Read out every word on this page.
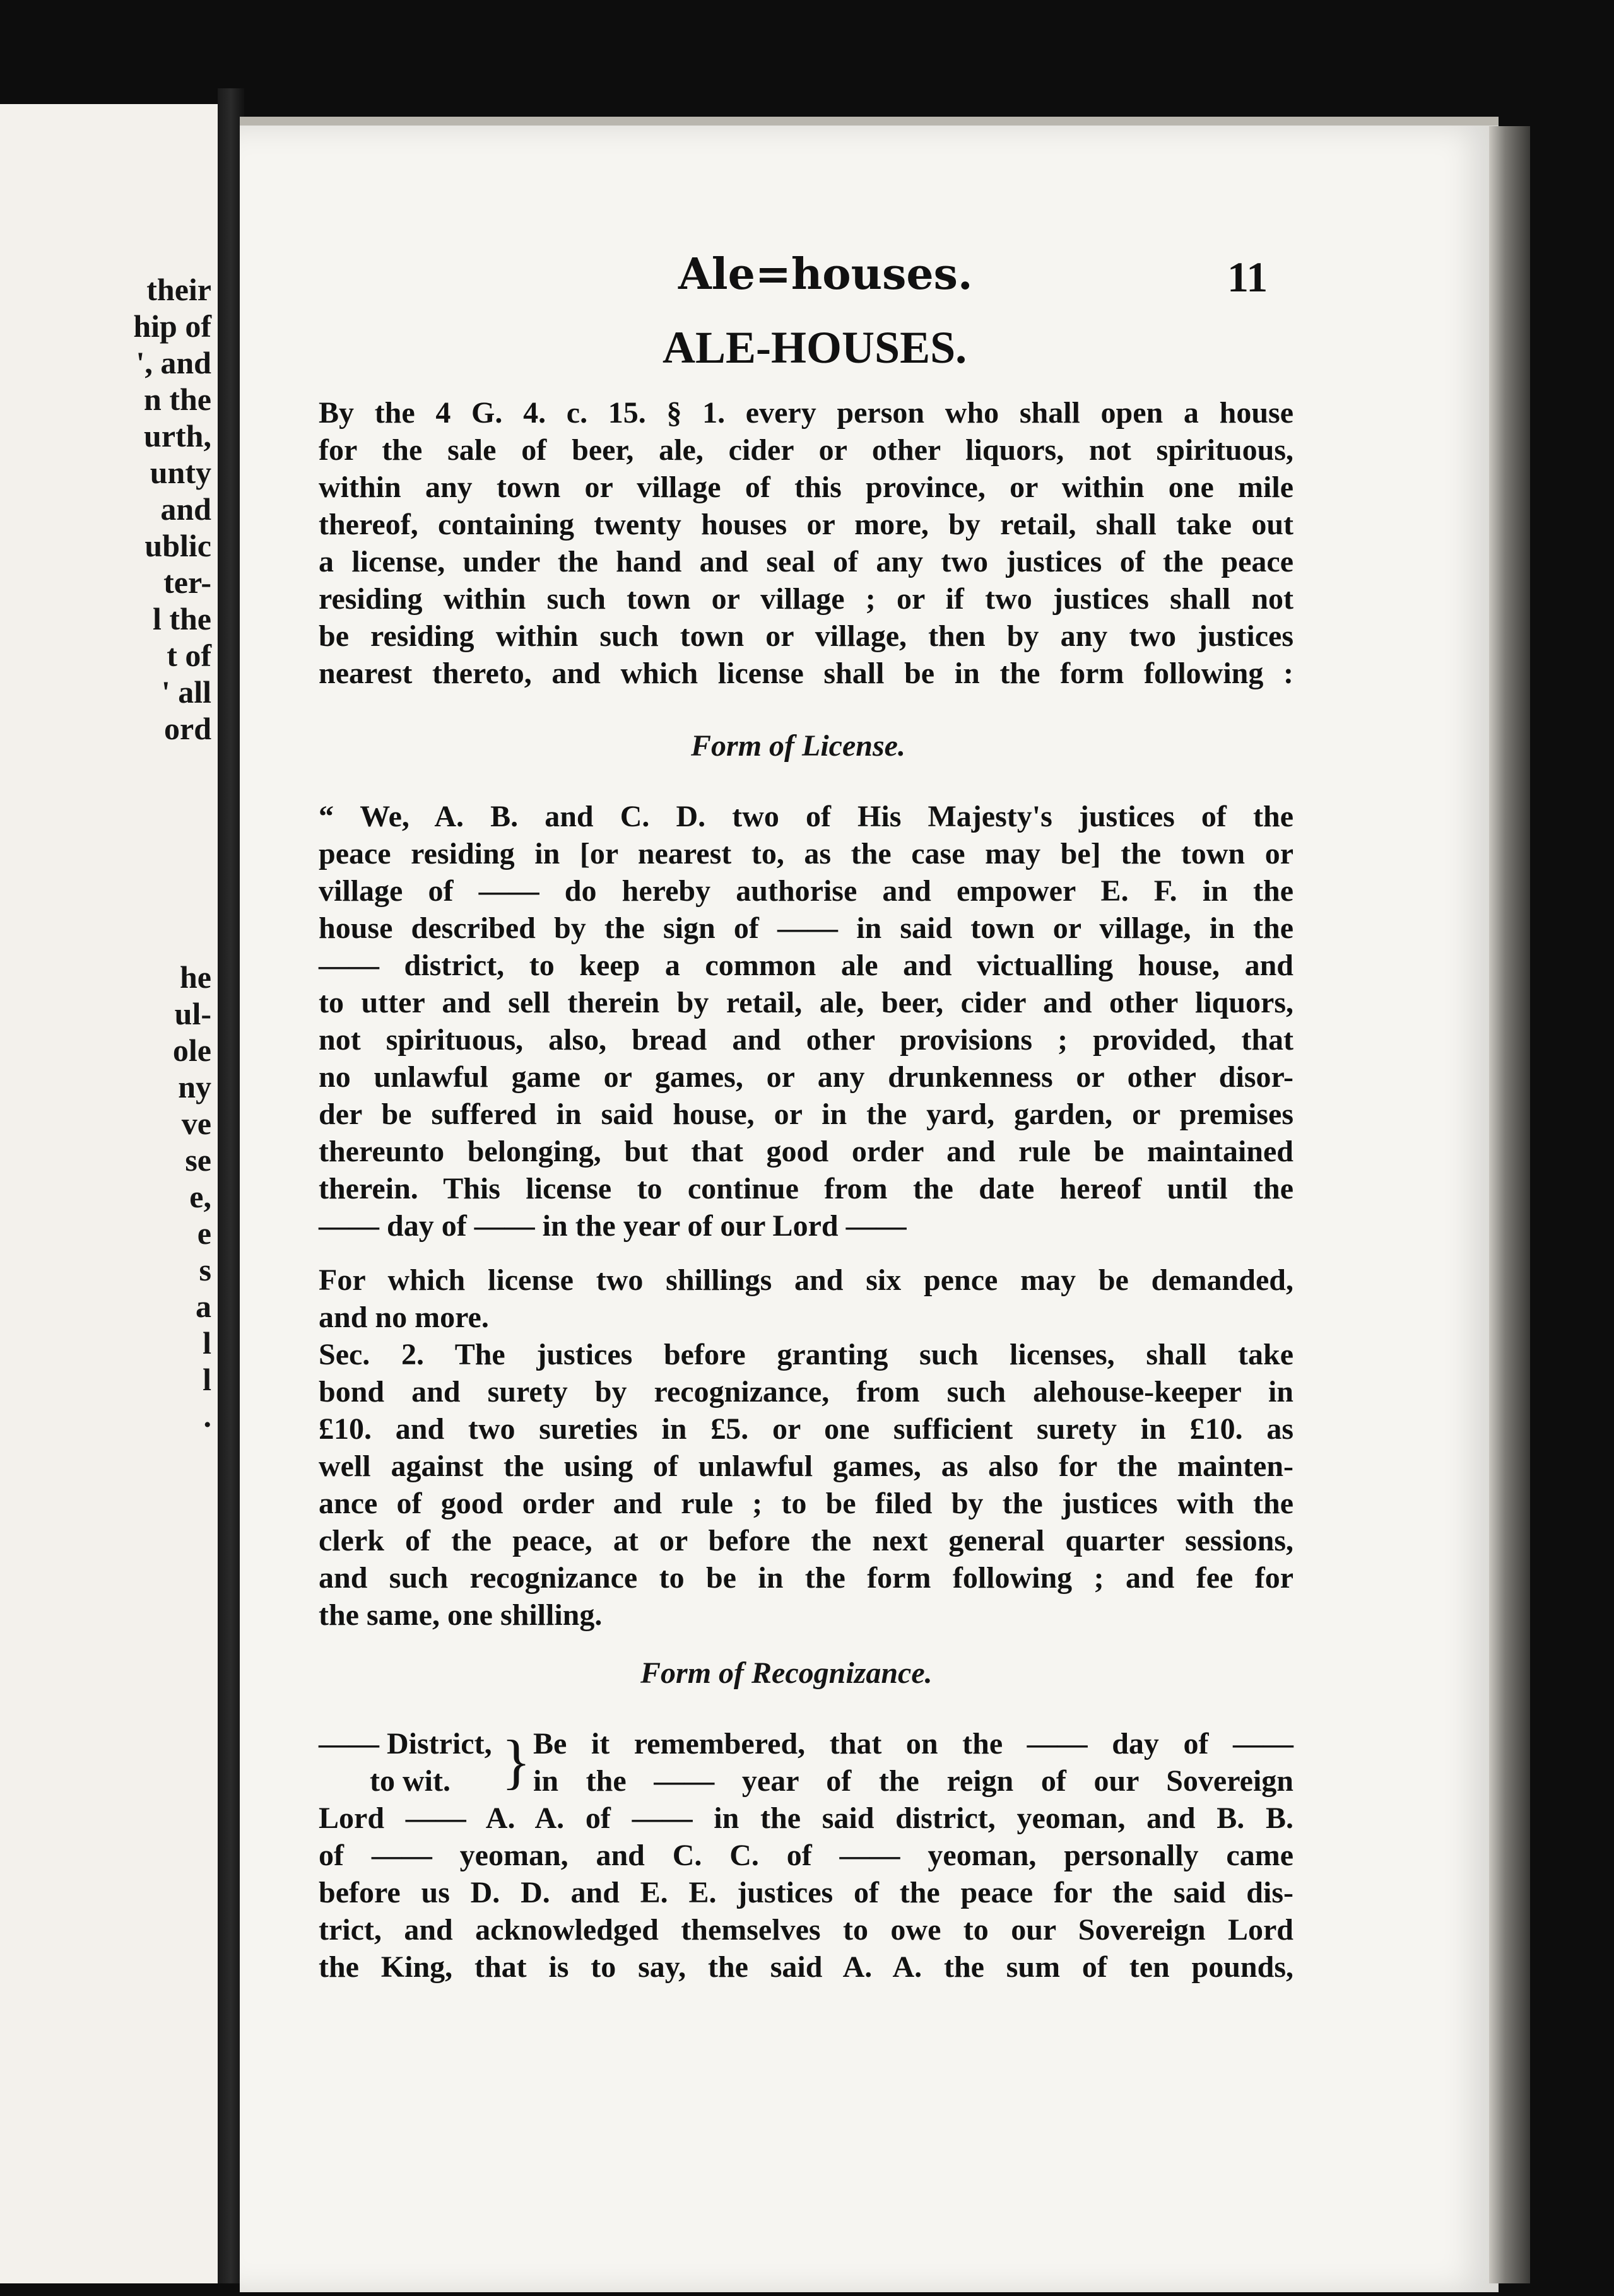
their
hip of
', and
n the
urth,
unty
and
ublic
ter-
l the
t of
' all
ord
he
ul-
ole
ny
ve
se
e,
e
s
a
l
l
.
Ale=houses.	11
ALE-HOUSES.
By the 4 G. 4. c. 15. § 1. every person who shall open a house
for the sale of beer, ale, cider or other liquors, not spirituous,
within any town or village of this province, or within one mile
thereof, containing twenty houses or more, by retail, shall take out
a license, under the hand and seal of any two justices of the peace
residing within such town or village ; or if two justices shall not
be residing within such town or village, then by any two justices
nearest thereto, and which license shall be in the form following :
Form of License.
“ We, A. B. and C. D. two of His Majesty's justices of the
peace residing in [or nearest to, as the case may be] the town or
village of —— do hereby authorise and empower E. F. in the
house described by the sign of —— in said town or village, in the
—— district, to keep a common ale and victualling house, and
to utter and sell therein by retail, ale, beer, cider and other liquors,
not spirituous, also, bread and other provisions ; provided, that
no unlawful game or games, or any drunkenness or other disor-
der be suffered in said house, or in the yard, garden, or premises
thereunto belonging, but that good order and rule be maintained
therein. This license to continue from the date hereof until the
—— day of —— in the year of our Lord ——
For which license two shillings and six pence may be demanded,
and no more.
Sec. 2. The justices before granting such licenses, shall take
bond and surety by recognizance, from such alehouse-keeper in
£10. and two sureties in £5. or one sufficient surety in £10. as
well against the using of unlawful games, as also for the mainten-
ance of good order and rule ; to be filed by the justices with the
clerk of the peace, at or before the next general quarter sessions,
and such recognizance to be in the form following ; and fee for
the same, one shilling.
Form of Recognizance.
—— District,
to wit. } Be it remembered, that on the —— day of ——
in the —— year of the reign of our Sovereign
Lord —— A. A. of —— in the said district, yeoman, and B. B.
of —— yeoman, and C. C. of —— yeoman, personally came
before us D. D. and E. E. justices of the peace for the said dis-
trict, and acknowledged themselves to owe to our Sovereign Lord
the King, that is to say, the said A. A. the sum of ten pounds,
